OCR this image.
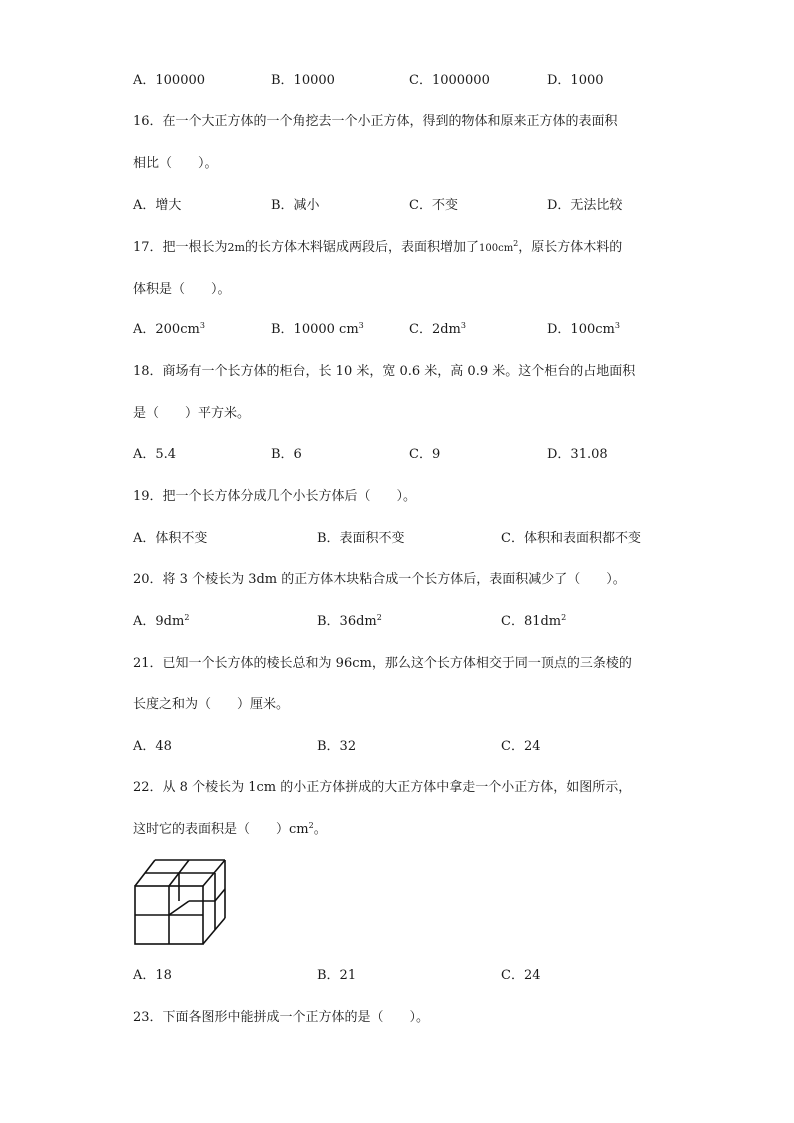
A．100000	B．10000	C．1000000	D．1000
16．在一个大正方体的一个角挖去一个小正方体，得到的物体和原来正方体的表面积
相比（　　）。
A．增大	B．减小	C．不变	D．无法比较
17．把一根长为2m的长方体木料锯成两段后，表面积增加了$100cm^2$，原长方体木料的
体积是（　　）。
A．$200cm^3$	B．10000 $cm^3$	C．$2dm^3$	D．$100cm^3$
18．商场有一个长方体的柜台，长 10 米，宽 0.6 米，高 0.9 米。这个柜台的占地面积
是（　　）平方米。
A．5.4	B．6	C．9	D．31.08
19．把一个长方体分成几个小长方体后（　　）。
A．体积不变	B．表面积不变	C．体积和表面积都不变
20．将 3 个棱长为 3dm 的正方体木块粘合成一个长方体后，表面积减少了（　　）。
A．$9dm^2$	B．$36dm^2$	C．$81dm^2$
21．已知一个长方体的棱长总和为 96cm，那么这个长方体相交于同一顶点的三条棱的
长度之和为（　　）厘米。
A．48	B．32	C．24
22．从 8 个棱长为 1cm 的小正方体拼成的大正方体中拿走一个小正方体，如图所示，
这时它的表面积是（　　）$cm^2$。
A．18	B．21	C．24
23．下面各图形中能拼成一个正方体的是（　　）。
